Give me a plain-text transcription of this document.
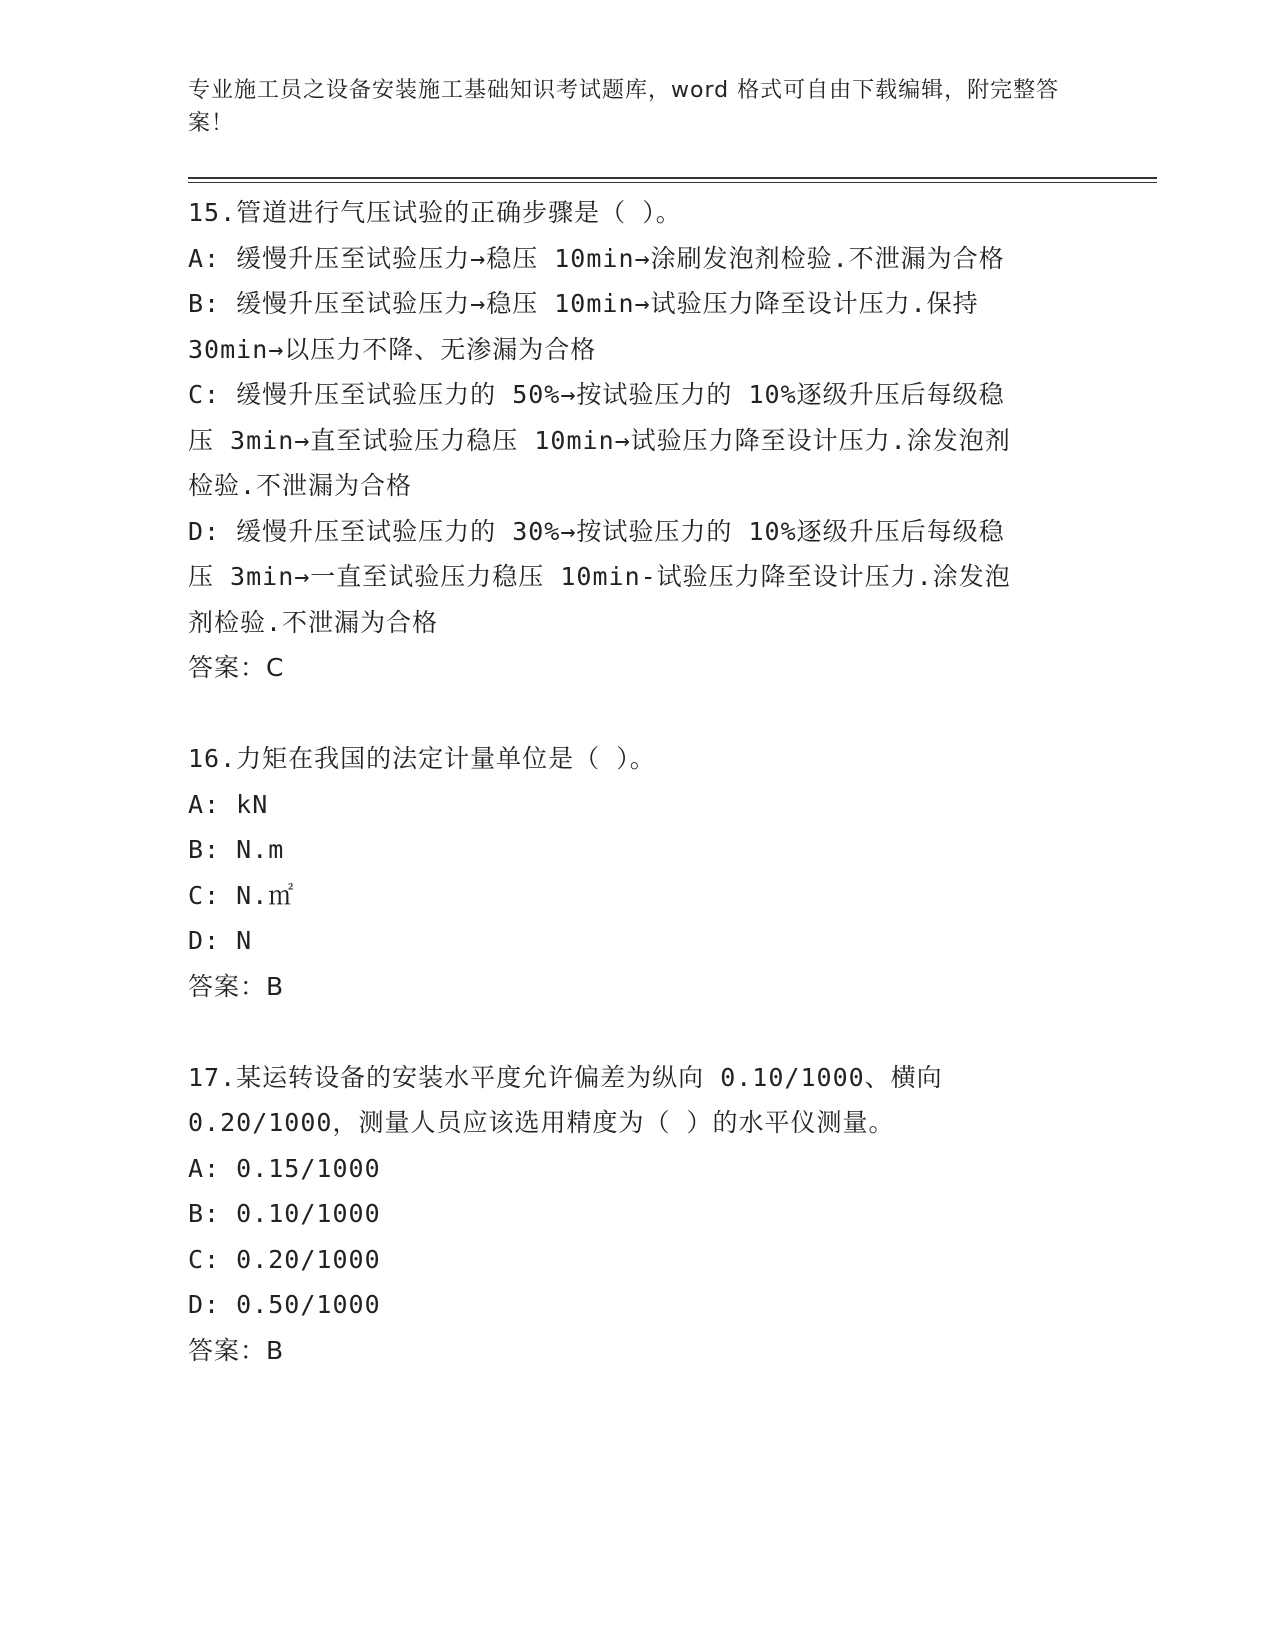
专业施工员之设备安装施工基础知识考试题库，word 格式可自由下载编辑，附完整答案！
15.管道进行气压试验的正确步骤是（ ）。
A: 缓慢升压至试验压力→稳压 10min→涂刷发泡剂检验.不泄漏为合格
B: 缓慢升压至试验压力→稳压 10min→试验压力降至设计压力.保持
30min→以压力不降、无渗漏为合格
C: 缓慢升压至试验压力的 50%→按试验压力的 10%逐级升压后每级稳
压 3min→直至试验压力稳压 10min→试验压力降至设计压力.涂发泡剂
检验.不泄漏为合格
D: 缓慢升压至试验压力的 30%→按试验压力的 10%逐级升压后每级稳
压 3min→一直至试验压力稳压 10min-试验压力降至设计压力.涂发泡
剂检验.不泄漏为合格
答案：C
16.力矩在我国的法定计量单位是（ ）。
A: kN
B: N.m
C: N.㎡
D: N
答案：B
17.某运转设备的安装水平度允许偏差为纵向 0.10/1000、横向
0.20/1000，测量人员应该选用精度为（ ）的水平仪测量。
A: 0.15/1000
B: 0.10/1000
C: 0.20/1000
D: 0.50/1000
答案：B
